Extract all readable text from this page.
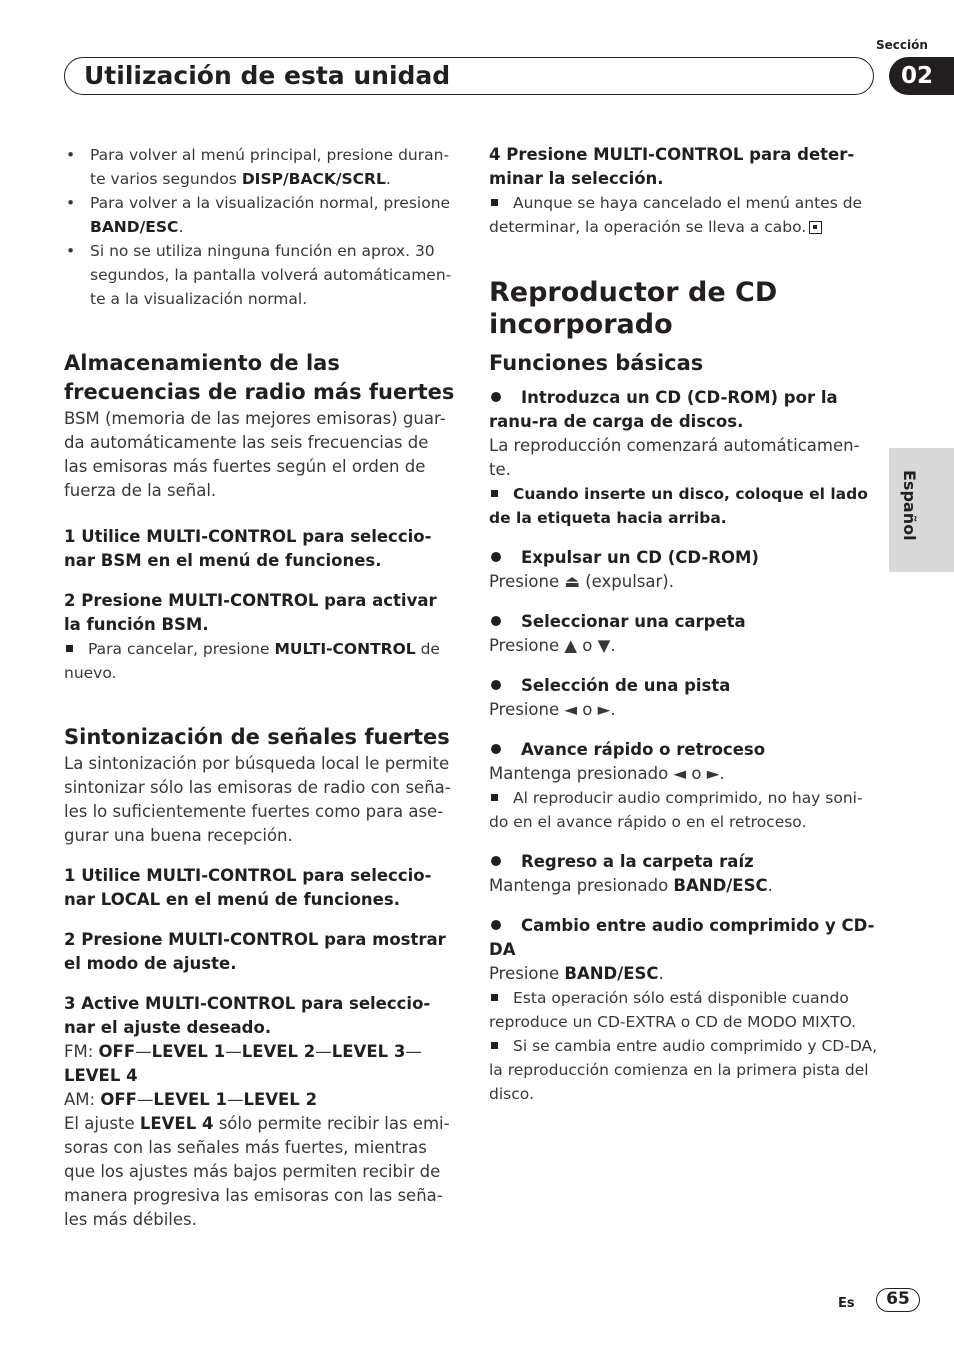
Utilización de esta unidad
Sección
02
Español
• Para volver al menú principal, presione duran-te varios segundos DISP/BACK/SCRL.
• Para volver a la visualización normal, presione BAND/ESC.
• Si no se utiliza ninguna función en aprox. 30 segundos, la pantalla volverá automáticamen-te a la visualización normal.
Almacenamiento de las frecuencias de radio más fuertes
BSM (memoria de las mejores emisoras) guar-da automáticamente las seis frecuencias de las emisoras más fuertes según el orden de fuerza de la señal.
1 Utilice MULTI-CONTROL para seleccio-nar BSM en el menú de funciones.
2 Presione MULTI-CONTROL para activar la función BSM.
Para cancelar, presione MULTI-CONTROL de nuevo.
Sintonización de señales fuertes
La sintonización por búsqueda local le permite sintonizar sólo las emisoras de radio con seña-les lo suficientemente fuertes como para ase-gurar una buena recepción.
1 Utilice MULTI-CONTROL para seleccio-nar LOCAL en el menú de funciones.
2 Presione MULTI-CONTROL para mostrar el modo de ajuste.
3 Active MULTI-CONTROL para seleccio-nar el ajuste deseado.
FM: OFF—LEVEL 1—LEVEL 2—LEVEL 3—
LEVEL 4
AM: OFF—LEVEL 1—LEVEL 2
El ajuste LEVEL 4 sólo permite recibir las emi-soras con las señales más fuertes, mientras que los ajustes más bajos permiten recibir de manera progresiva las emisoras con las seña-les más débiles.
4 Presione MULTI-CONTROL para deter-minar la selección.
Aunque se haya cancelado el menú antes de determinar, la operación se lleva a cabo.
Reproductor de CD incorporado
Funciones básicas
Introduzca un CD (CD-ROM) por la ranu-ra de carga de discos.
La reproducción comenzará automáticamen-te.
Cuando inserte un disco, coloque el lado de la etiqueta hacia arriba.
Expulsar un CD (CD-ROM)
Presione ⏏ (expulsar).
Seleccionar una carpeta
Presione ▲ o ▼.
Selección de una pista
Presione ◄ o ►.
Avance rápido o retroceso
Mantenga presionado ◄ o ►.
Al reproducir audio comprimido, no hay soni-do en el avance rápido o en el retroceso.
Regreso a la carpeta raíz
Mantenga presionado BAND/ESC.
Cambio entre audio comprimido y CD-DA
Presione BAND/ESC.
Esta operación sólo está disponible cuando reproduce un CD-EXTRA o CD de MODO MIXTO.
Si se cambia entre audio comprimido y CD-DA, la reproducción comienza en la primera pista del disco.
Es	65
